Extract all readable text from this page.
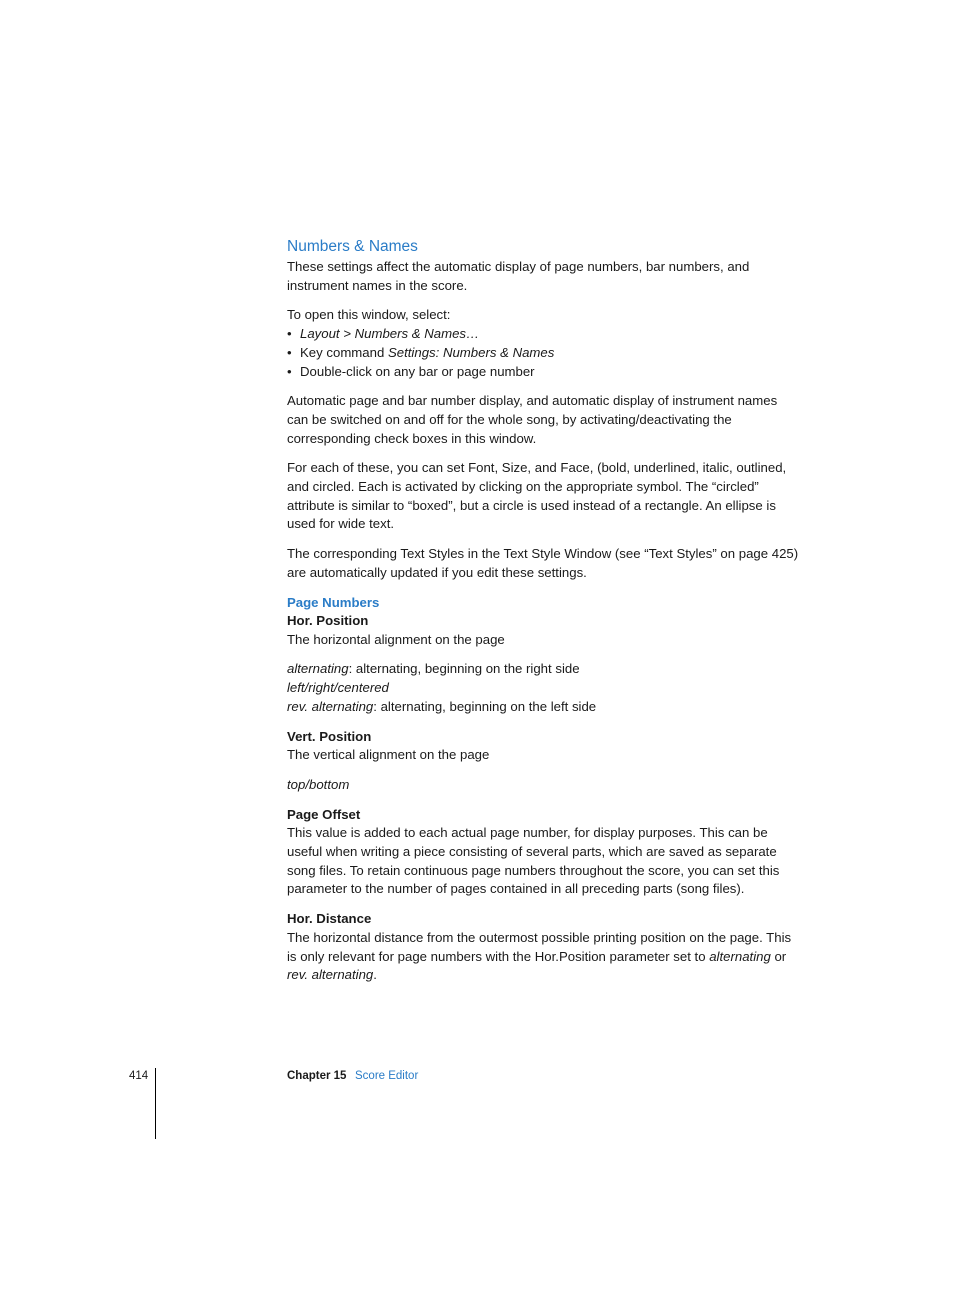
Numbers & Names

These settings affect the automatic display of page numbers, bar numbers, and instrument names in the score.

To open this window, select:

• Layout > Numbers & Names…
• Key command Settings: Numbers & Names
• Double-click on any bar or page number

Automatic page and bar number display, and automatic display of instrument names can be switched on and off for the whole song, by activating/deactivating the corresponding check boxes in this window.

For each of these, you can set Font, Size, and Face, (bold, underlined, italic, outlined, and circled. Each is activated by clicking on the appropriate symbol. The “circled” attribute is similar to “boxed”, but a circle is used instead of a rectangle. An ellipse is used for wide text.

The corresponding Text Styles in the Text Style Window (see “Text Styles” on page 425) are automatically updated if you edit these settings.

Page Numbers
Hor. Position

The horizontal alignment on the page

alternating: alternating, beginning on the right side

left/right/centered

rev. alternating: alternating, beginning on the left side

Vert. Position

The vertical alignment on the page

top/bottom

Page Offset

This value is added to each actual page number, for display purposes. This can be useful when writing a piece consisting of several parts, which are saved as separate song files. To retain continuous page numbers throughout the score, you can set this parameter to the number of pages contained in all preceding parts (song files).

Hor. Distance

The horizontal distance from the outermost possible printing position on the page. This is only relevant for page numbers with the Hor.Position parameter set to alternating or rev. alternating.

414	Chapter 15 Score Editor
